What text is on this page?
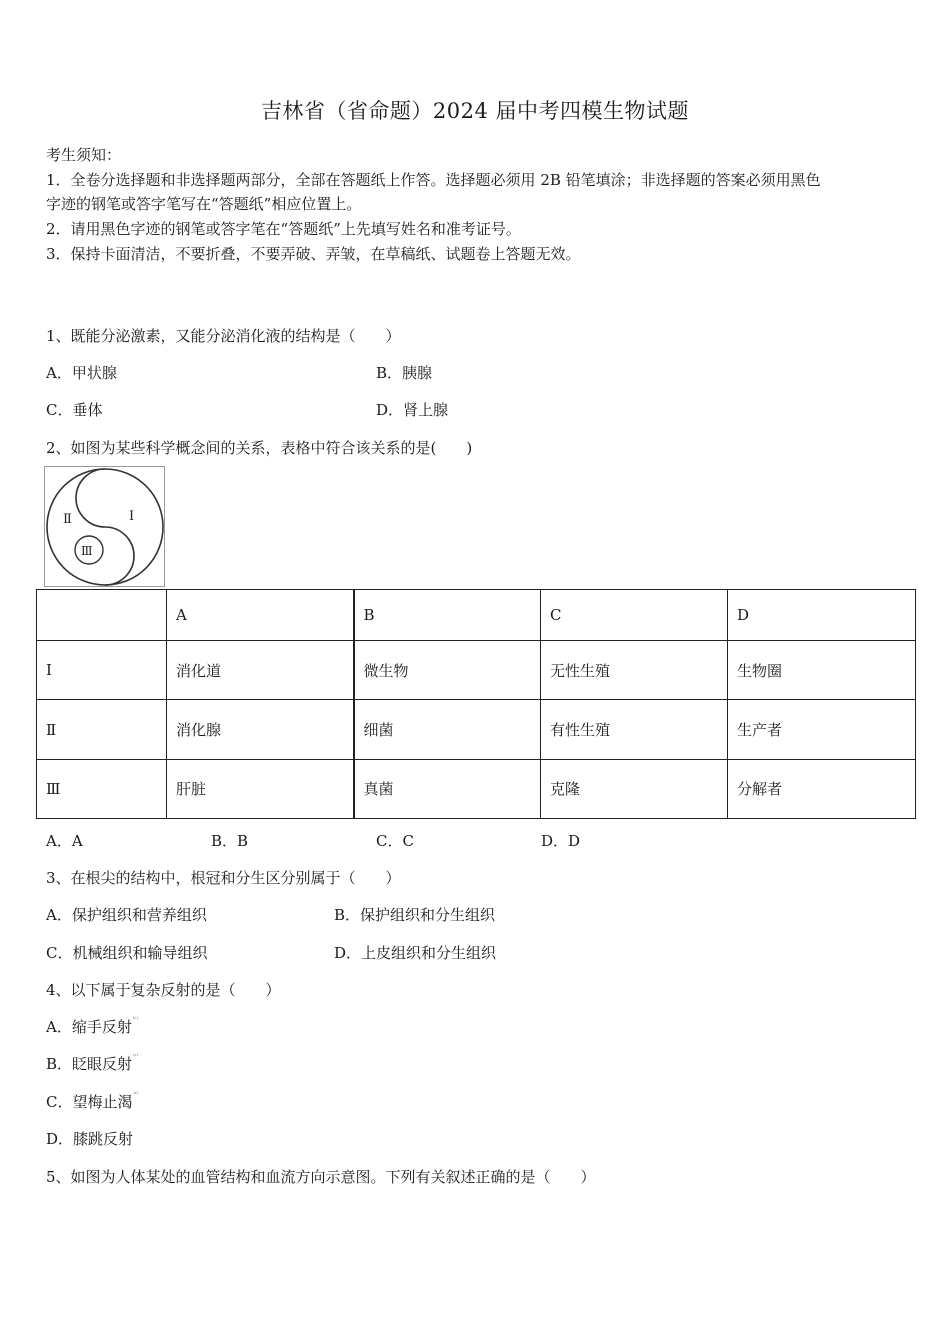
吉林省（省命题）2024 届中考四模生物试题
考生须知：
1．全卷分选择题和非选择题两部分，全部在答题纸上作答。选择题必须用 2B 铅笔填涂；非选择题的答案必须用黑色
字迹的钢笔或答字笔写在“答题纸”相应位置上。
2．请用黑色字迹的钢笔或答字笔在“答题纸”上先填写姓名和准考证号。
3．保持卡面清洁，不要折叠，不要弄破、弄皱，在草稿纸、试题卷上答题无效。
1、既能分泌激素，又能分泌消化液的结构是（　　）
A．甲状腺	B．胰腺
C．垂体	D．肾上腺
2、如图为某些科学概念间的关系，表格中符合该关系的是(　　)
Ⅱ	Ⅰ
Ⅲ
	A	B	C	D
Ⅰ	消化道	微生物	无性生殖	生物圈
Ⅱ	消化腺	细菌	有性生殖	生产者
Ⅲ	肝脏	真菌	克隆	分解者
A．A	B．B	C．C	D．D
3、在根尖的结构中，根冠和分生区分别属于（　　）
A．保护组织和营养组织	B．保护组织和分生组织
C．机械组织和输导组织	D．上皮组织和分生组织
4、以下属于复杂反射的是（　　）
A．缩手反射$^{^(ʳ^)}$
B．眨眼反射$^{^(ʳ^)}$
C．望梅止渴$^{^(ʳ^)}$
D．膝跳反射
5、如图为人体某处的血管结构和血流方向示意图。下列有关叙述正确的是（　　）
